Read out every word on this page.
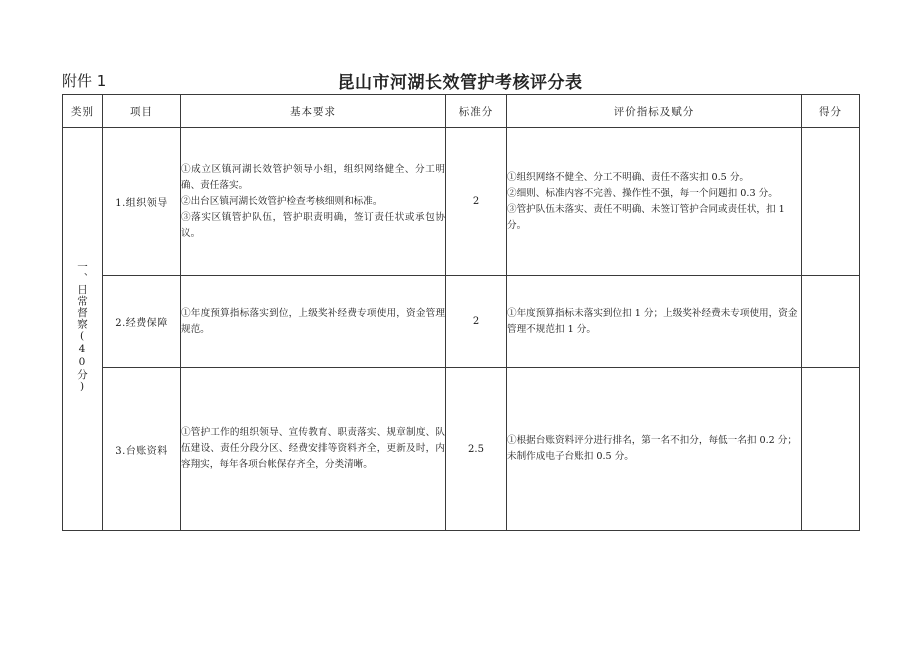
附件 1	昆山市河湖长效管护考核评分表
类别	项目	基本要求	标准分	评价指标及赋分	得分
一、日常督察(40分)	1.组织领导	①成立区镇河湖长效管护领导小组，组织网络健全、分工明确、责任落实。
②出台区镇河湖长效管护检查考核细则和标准。
③落实区镇管护队伍，管护职责明确，签订责任状或承包协议。	2	①组织网络不健全、分工不明确、责任不落实扣 0.5 分。
②细则、标准内容不完善、操作性不强，每一个问题扣 0.3 分。
③管护队伍未落实、责任不明确、未签订管护合同或责任状，扣 1 分。	

	2.经费保障	①年度预算指标落实到位，上级奖补经费专项使用，资金管理规范。	2	①年度预算指标未落实到位扣 1 分；上级奖补经费未专项使用，资金管理不规范扣 1 分。	

	3.台账资料	①管护工作的组织领导、宣传教育、职责落实、规章制度、队伍建设、责任分段分区、经费安排等资料齐全，更新及时，内容翔实，每年各项台帐保存齐全，分类清晰。	2.5	①根据台账资料评分进行排名，第一名不扣分，每低一名扣 0.2 分；未制作成电子台账扣 0.5 分。	
